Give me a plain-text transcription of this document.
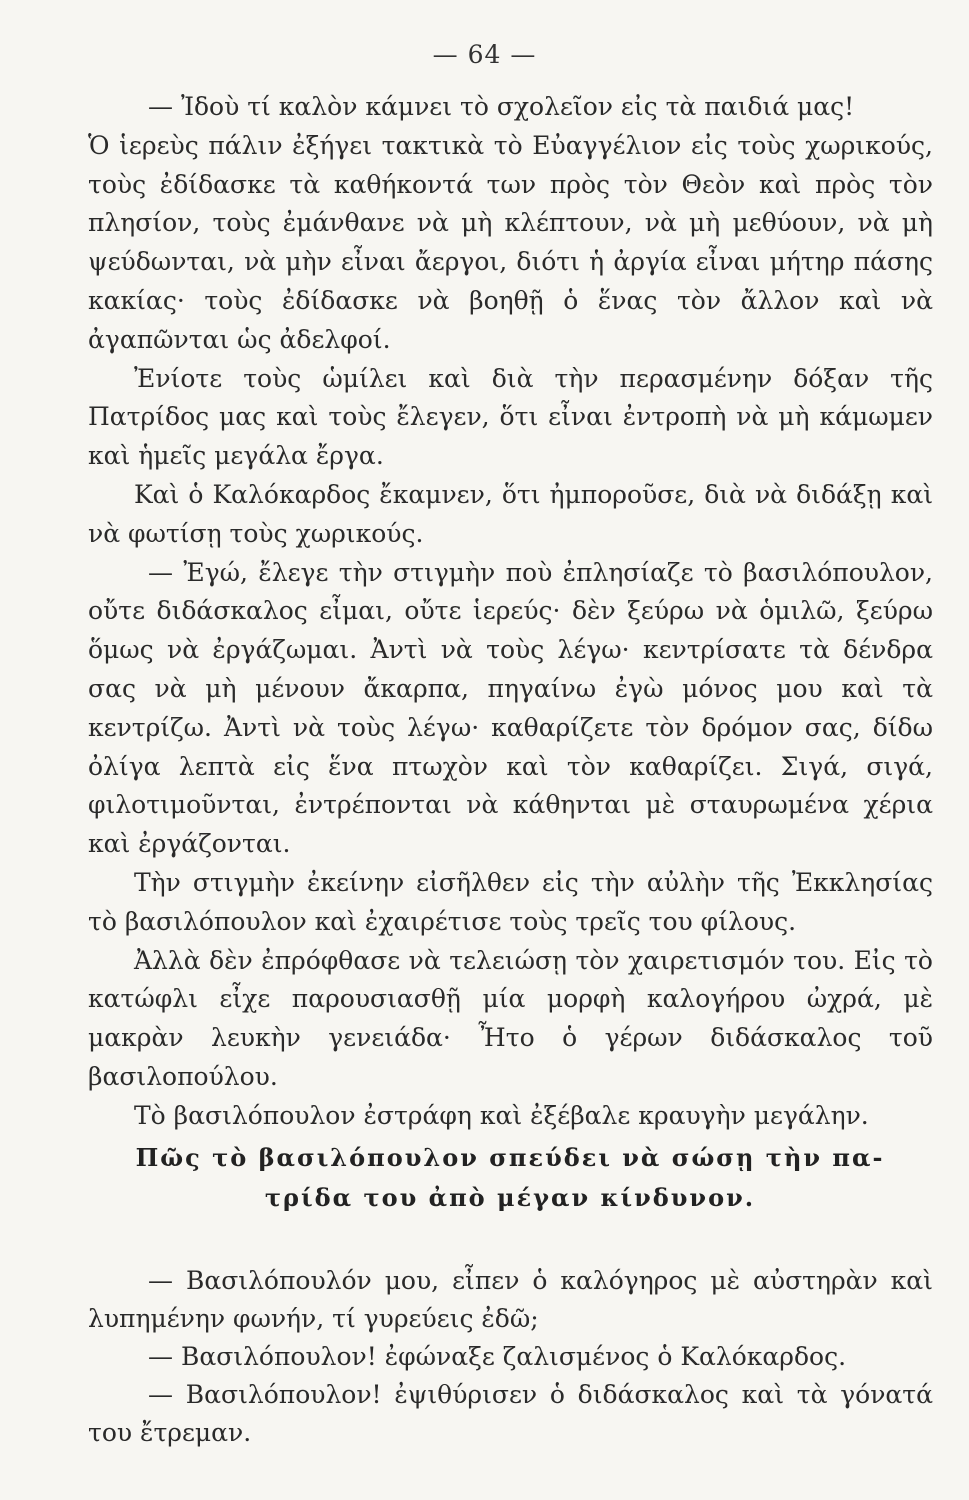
— 64 —

— Ἰδοὺ τί καλὸν κάμνει τὸ σχολεῖον εἰς τὰ παιδιά μας!

Ὁ ἱερεὺς πάλιν ἐξήγει τακτικὰ τὸ Εὐαγγέλιον εἰς τοὺς χωρικούς, τοὺς ἐδίδασκε τὰ καθήκοντά των πρὸς τὸν Θεὸν καὶ πρὸς τὸν πλησίον, τοὺς ἐμάνθανε νὰ μὴ κλέπτουν, νὰ μὴ μεθύουν, νὰ μὴ ψεύδωνται, νὰ μὴν εἶναι ἄεργοι, διότι ἡ ἀργία εἶναι μήτηρ πάσης κακίας· τοὺς ἐδίδασκε νὰ βοηθῇ ὁ ἕνας τὸν ἄλλον καὶ νὰ ἀγαπῶνται ὡς ἀδελφοί.

Ἐνίοτε τοὺς ὡμίλει καὶ διὰ τὴν περασμένην δόξαν τῆς Πατρίδος μας καὶ τοὺς ἔλεγεν, ὅτι εἶναι ἐντροπὴ νὰ μὴ κάμωμεν καὶ ἡμεῖς μεγάλα ἔργα.

Καὶ ὁ Καλόκαρδος ἔκαμνεν, ὅτι ἠμποροῦσε, διὰ νὰ διδάξῃ καὶ νὰ φωτίσῃ τοὺς χωρικούς.

— Ἐγώ, ἔλεγε τὴν στιγμὴν ποὺ ἐπλησίαζε τὸ βασιλόπουλον, οὔτε διδάσκαλος εἶμαι, οὔτε ἱερεύς· δὲν ξεύρω νὰ ὁμιλῶ, ξεύρω ὅμως νὰ ἐργάζωμαι. Ἀντὶ νὰ τοὺς λέγω· κεντρίσατε τὰ δένδρα σας νὰ μὴ μένουν ἄκαρπα, πηγαίνω ἐγὼ μόνος μου καὶ τὰ κεντρίζω. Ἀντὶ νὰ τοὺς λέγω· καθαρίζετε τὸν δρόμον σας, δίδω ὀλίγα λεπτὰ εἰς ἕνα πτωχὸν καὶ τὸν καθαρίζει. Σιγά, σιγά, φιλοτιμοῦνται, ἐντρέπονται νὰ κάθηνται μὲ σταυρωμένα χέρια καὶ ἐργάζονται.

Τὴν στιγμὴν ἐκείνην εἰσῆλθεν εἰς τὴν αὐλὴν τῆς Ἐκκλησίας τὸ βασιλόπουλον καὶ ἐχαιρέτισε τοὺς τρεῖς του φίλους.

Ἀλλὰ δὲν ἐπρόφθασε νὰ τελειώσῃ τὸν χαιρετισμόν του. Εἰς τὸ κατώφλι εἶχε παρουσιασθῇ μία μορφὴ καλογήρου ὠχρά, μὲ μακρὰν λευκὴν γενειάδα· Ἦτο ὁ γέρων διδάσκαλος τοῦ βασιλοπούλου.

Τὸ βασιλόπουλον ἐστράφη καὶ ἐξέβαλε κραυγὴν μεγάλην.

Πῶς τὸ βασιλόπουλον σπεύδει νὰ σώσῃ τὴν πα-
τρίδα του ἀπὸ μέγαν κίνδυνον.

— Βασιλόπουλόν μου, εἶπεν ὁ καλόγηρος μὲ αὐστηρὰν καὶ λυπημένην φωνήν, τί γυρεύεις ἐδῶ;

— Βασιλόπουλον! ἐφώναξε ζαλισμένος ὁ Καλόκαρδος.

— Βασιλόπουλον! ἐψιθύρισεν ὁ διδάσκαλος καὶ τὰ γόνατά του ἔτρεμαν.
